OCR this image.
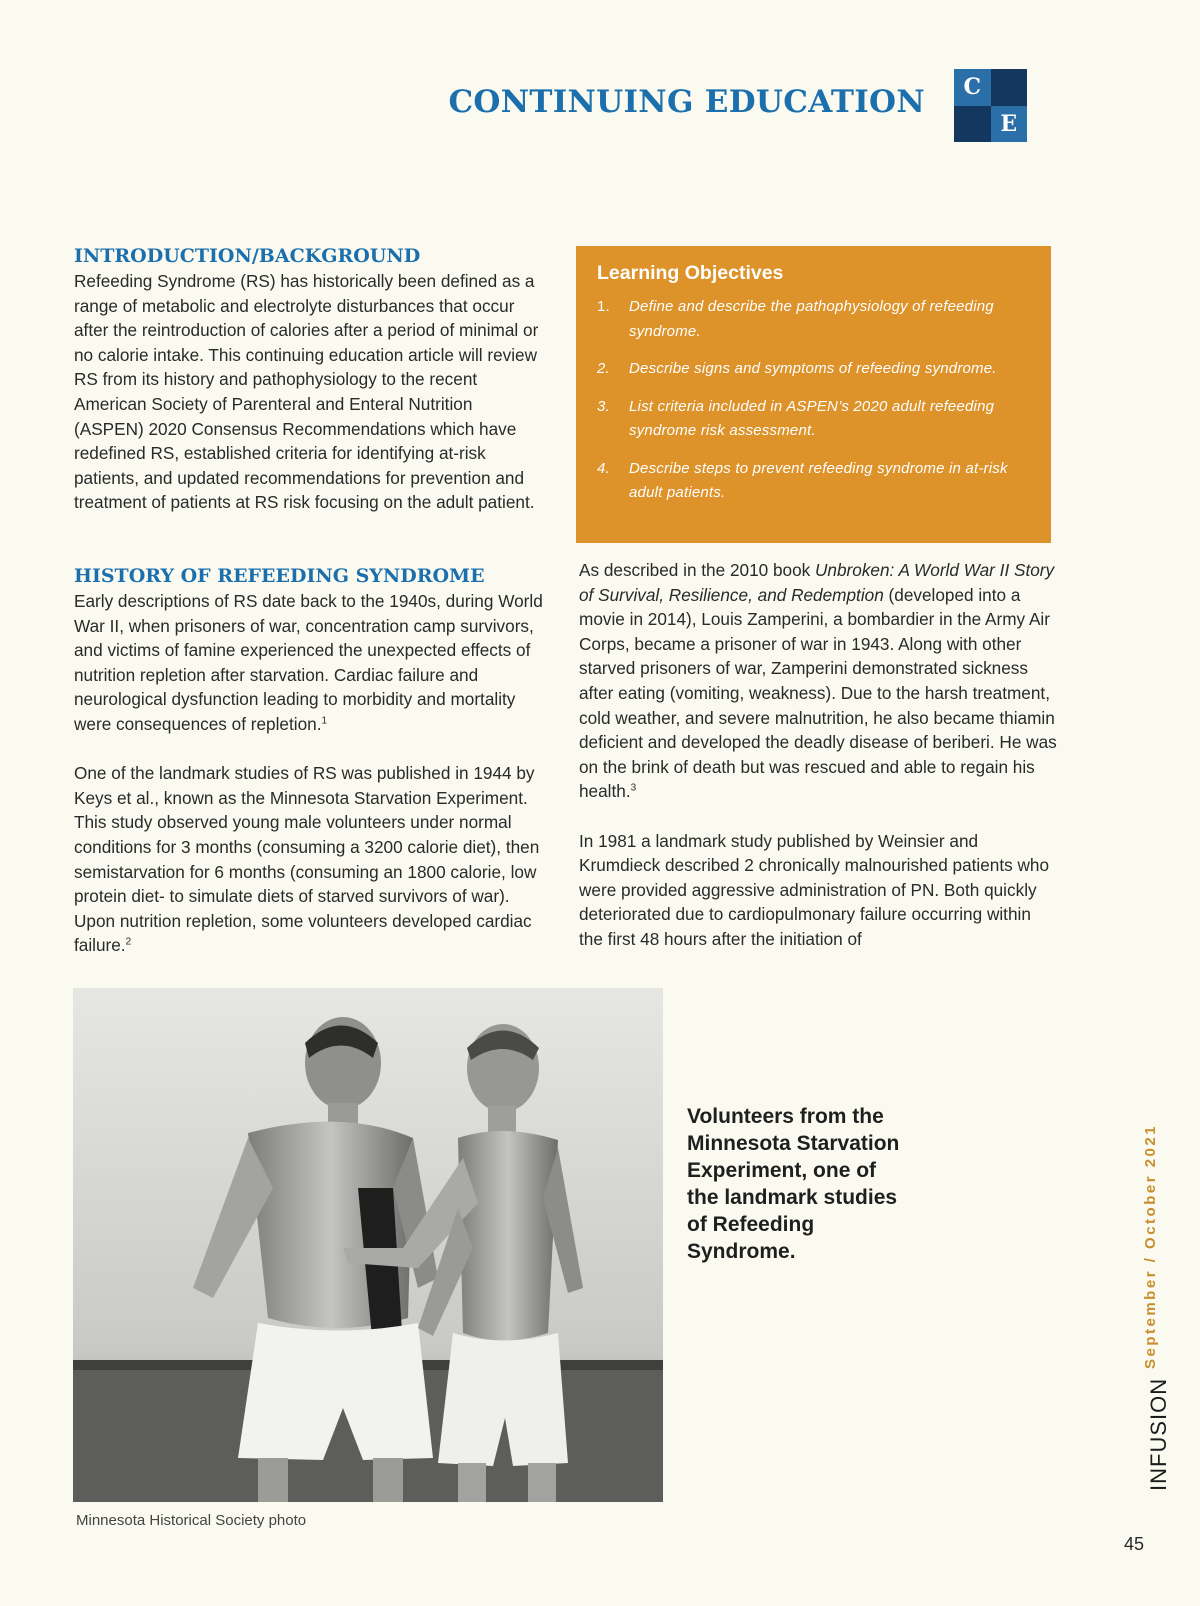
CONTINUING EDUCATION	C
E
INTRODUCTION/BACKGROUND

Refeeding Syndrome (RS) has historically been defined as a range of metabolic and electrolyte disturbances that occur after the reintroduction of calories after a period of minimal or no calorie intake. This continuing education article will review RS from its history and pathophysiology to the recent American Society of Parenteral and Enteral Nutrition (ASPEN) 2020 Consensus Recommendations which have redefined RS, established criteria for identifying at-risk patients, and updated recommendations for prevention and treatment of patients at RS risk focusing on the adult patient.

HISTORY OF REFEEDING SYNDROME

Early descriptions of RS date back to the 1940s, during World War II, when prisoners of war, concentration camp survivors, and victims of famine experienced the unexpected effects of nutrition repletion after starvation. Cardiac failure and neurological dysfunction leading to morbidity and mortality were consequences of repletion.$^1$

One of the landmark studies of RS was published in 1944 by Keys et al., known as the Minnesota Starvation Experiment. This study observed young male volunteers under normal conditions for 3 months (consuming a 3200 calorie diet), then semistarvation for 6 months (consuming an 1800 calorie, low protein diet- to simulate diets of starved survivors of war). Upon nutrition repletion, some volunteers developed cardiac failure.$^2$

Learning Objectives
1.	Define and describe the pathophysiology of refeeding syndrome.
2.	Describe signs and symptoms of refeeding syndrome.
3.	List criteria included in ASPEN’s 2020 adult refeeding syndrome risk assessment.
4.	Describe steps to prevent refeeding syndrome in at-risk adult patients.

As described in the 2010 book Unbroken: A World War II Story of Survival, Resilience, and Redemption (developed into a movie in 2014), Louis Zamperini, a bombardier in the Army Air Corps, became a prisoner of war in 1943. Along with other starved prisoners of war, Zamperini demonstrated sickness after eating (vomiting, weakness). Due to the harsh treatment, cold weather, and severe malnutrition, he also became thiamin deficient and developed the deadly disease of beriberi. He was on the brink of death but was rescued and able to regain his health.$^3$

In 1981 a landmark study published by Weinsier and Krumdieck described 2 chronically malnourished patients who were provided aggressive administration of PN. Both quickly deteriorated due to cardiopulmonary failure occurring within the first 48 hours after the initiation of

Minnesota Historical Society photo
Volunteers from the Minnesota Starvation Experiment, one of the landmark studies of Refeeding Syndrome.	September / October 2021
INFUSION
45
